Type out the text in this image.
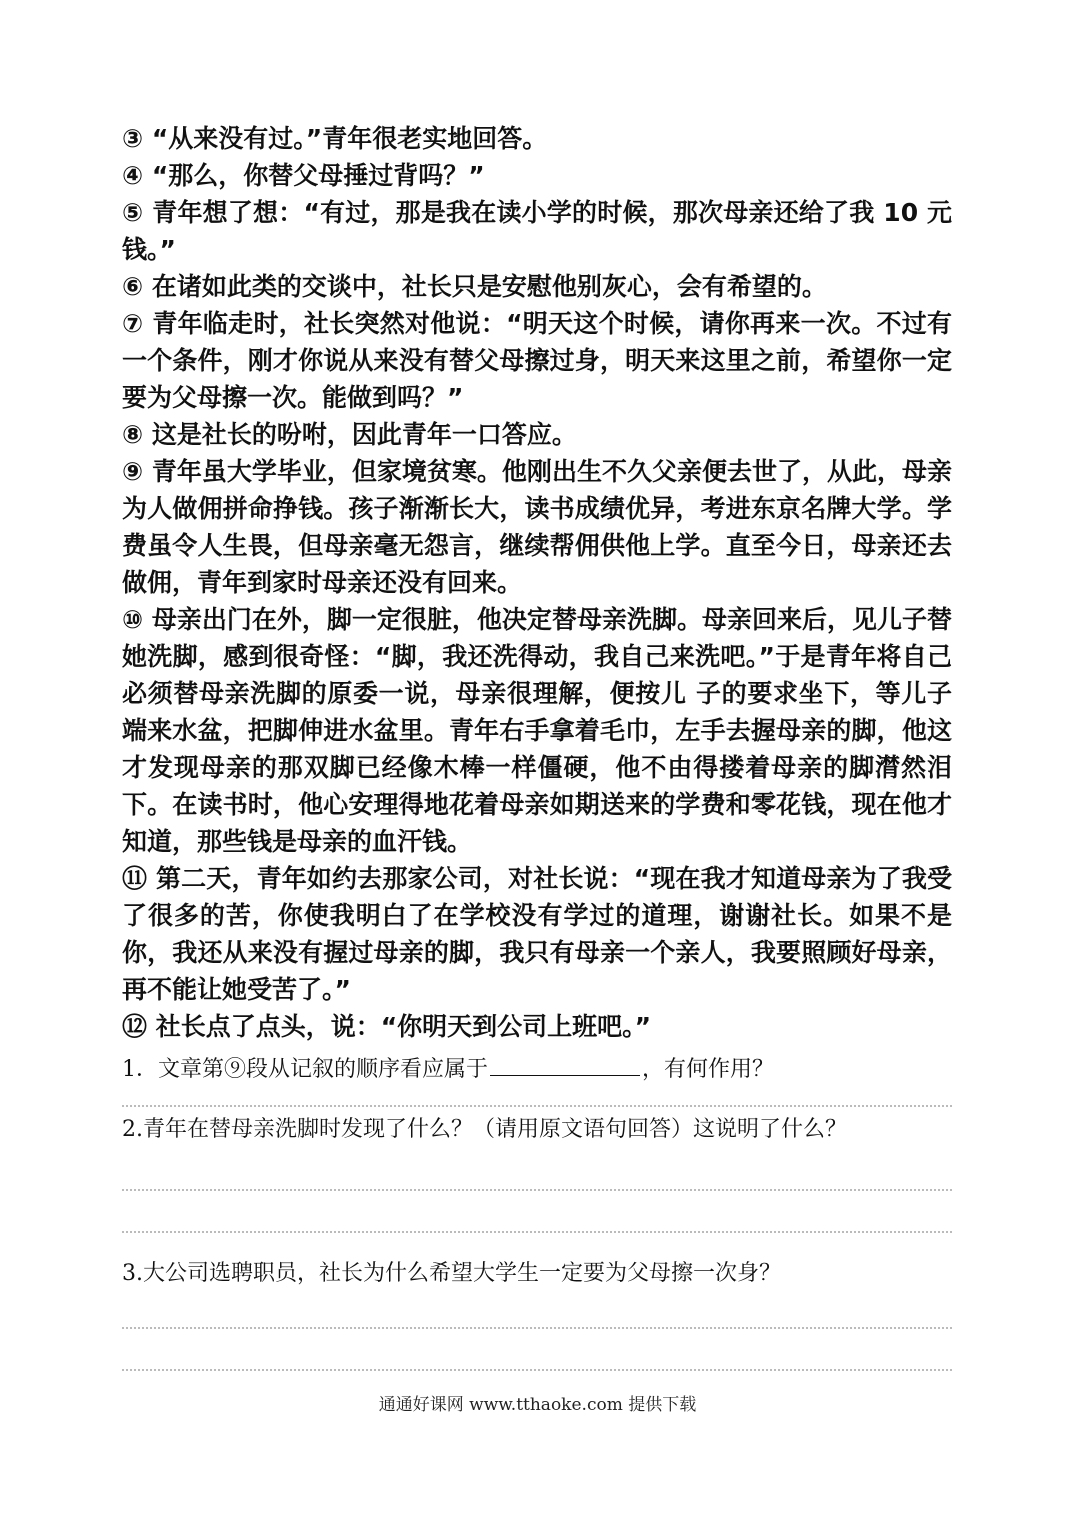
③ “从来没有过。”青年很老实地回答。

④ “那么，你替父母捶过背吗？”

⑤ 青年想了想：“有过，那是我在读小学的时候，那次母亲还给了我 10 元钱。”

⑥ 在诸如此类的交谈中，社长只是安慰他别灰心，会有希望的。

⑦ 青年临走时，社长突然对他说：“明天这个时候，请你再来一次。不过有一个条件，刚才你说从来没有替父母擦过身，明天来这里之前，希望你一定要为父母擦一次。能做到吗？”

⑧ 这是社长的吩咐，因此青年一口答应。

⑨ 青年虽大学毕业，但家境贫寒。他刚出生不久父亲便去世了，从此，母亲为人做佣拼命挣钱。孩子渐渐长大，读书成绩优异，考进东京名牌大学。学费虽令人生畏，但母亲毫无怨言，继续帮佣供他上学。直至今日，母亲还去做佣，青年到家时母亲还没有回来。

⑩ 母亲出门在外，脚一定很脏，他决定替母亲洗脚。母亲回来后，见儿子替她洗脚，感到很奇怪：“脚，我还洗得动，我自己来洗吧。”于是青年将自己必须替母亲洗脚的原委一说，母亲很理解，便按儿 子的要求坐下，等儿子端来水盆，把脚伸进水盆里。青年右手拿着毛巾，左手去握母亲的脚，他这才发现母亲的那双脚已经像木棒一样僵硬，他不由得搂着母亲的脚潸然泪下。在读书时，他心安理得地花着母亲如期送来的学费和零花钱，现在他才知道，那些钱是母亲的血汗钱。

⑪ 第二天，青年如约去那家公司，对社长说：“现在我才知道母亲为了我受了很多的苦，你使我明白了在学校没有学过的道理，谢谢社长。如果不是你，我还从来没有握过母亲的脚，我只有母亲一个亲人，我要照顾好母亲，再不能让她受苦了。”

⑫ 社长点了点头，说：“你明天到公司上班吧。”

1．文章第⑨段从记叙的顺序看应属于	，有何作用？

2.青年在替母亲洗脚时发现了什么？（请用原文语句回答）这说明了什么？

3.大公司选聘职员，社长为什么希望大学生一定要为父母擦一次身？

通通好课网 www.tthaoke.com 提供下载
